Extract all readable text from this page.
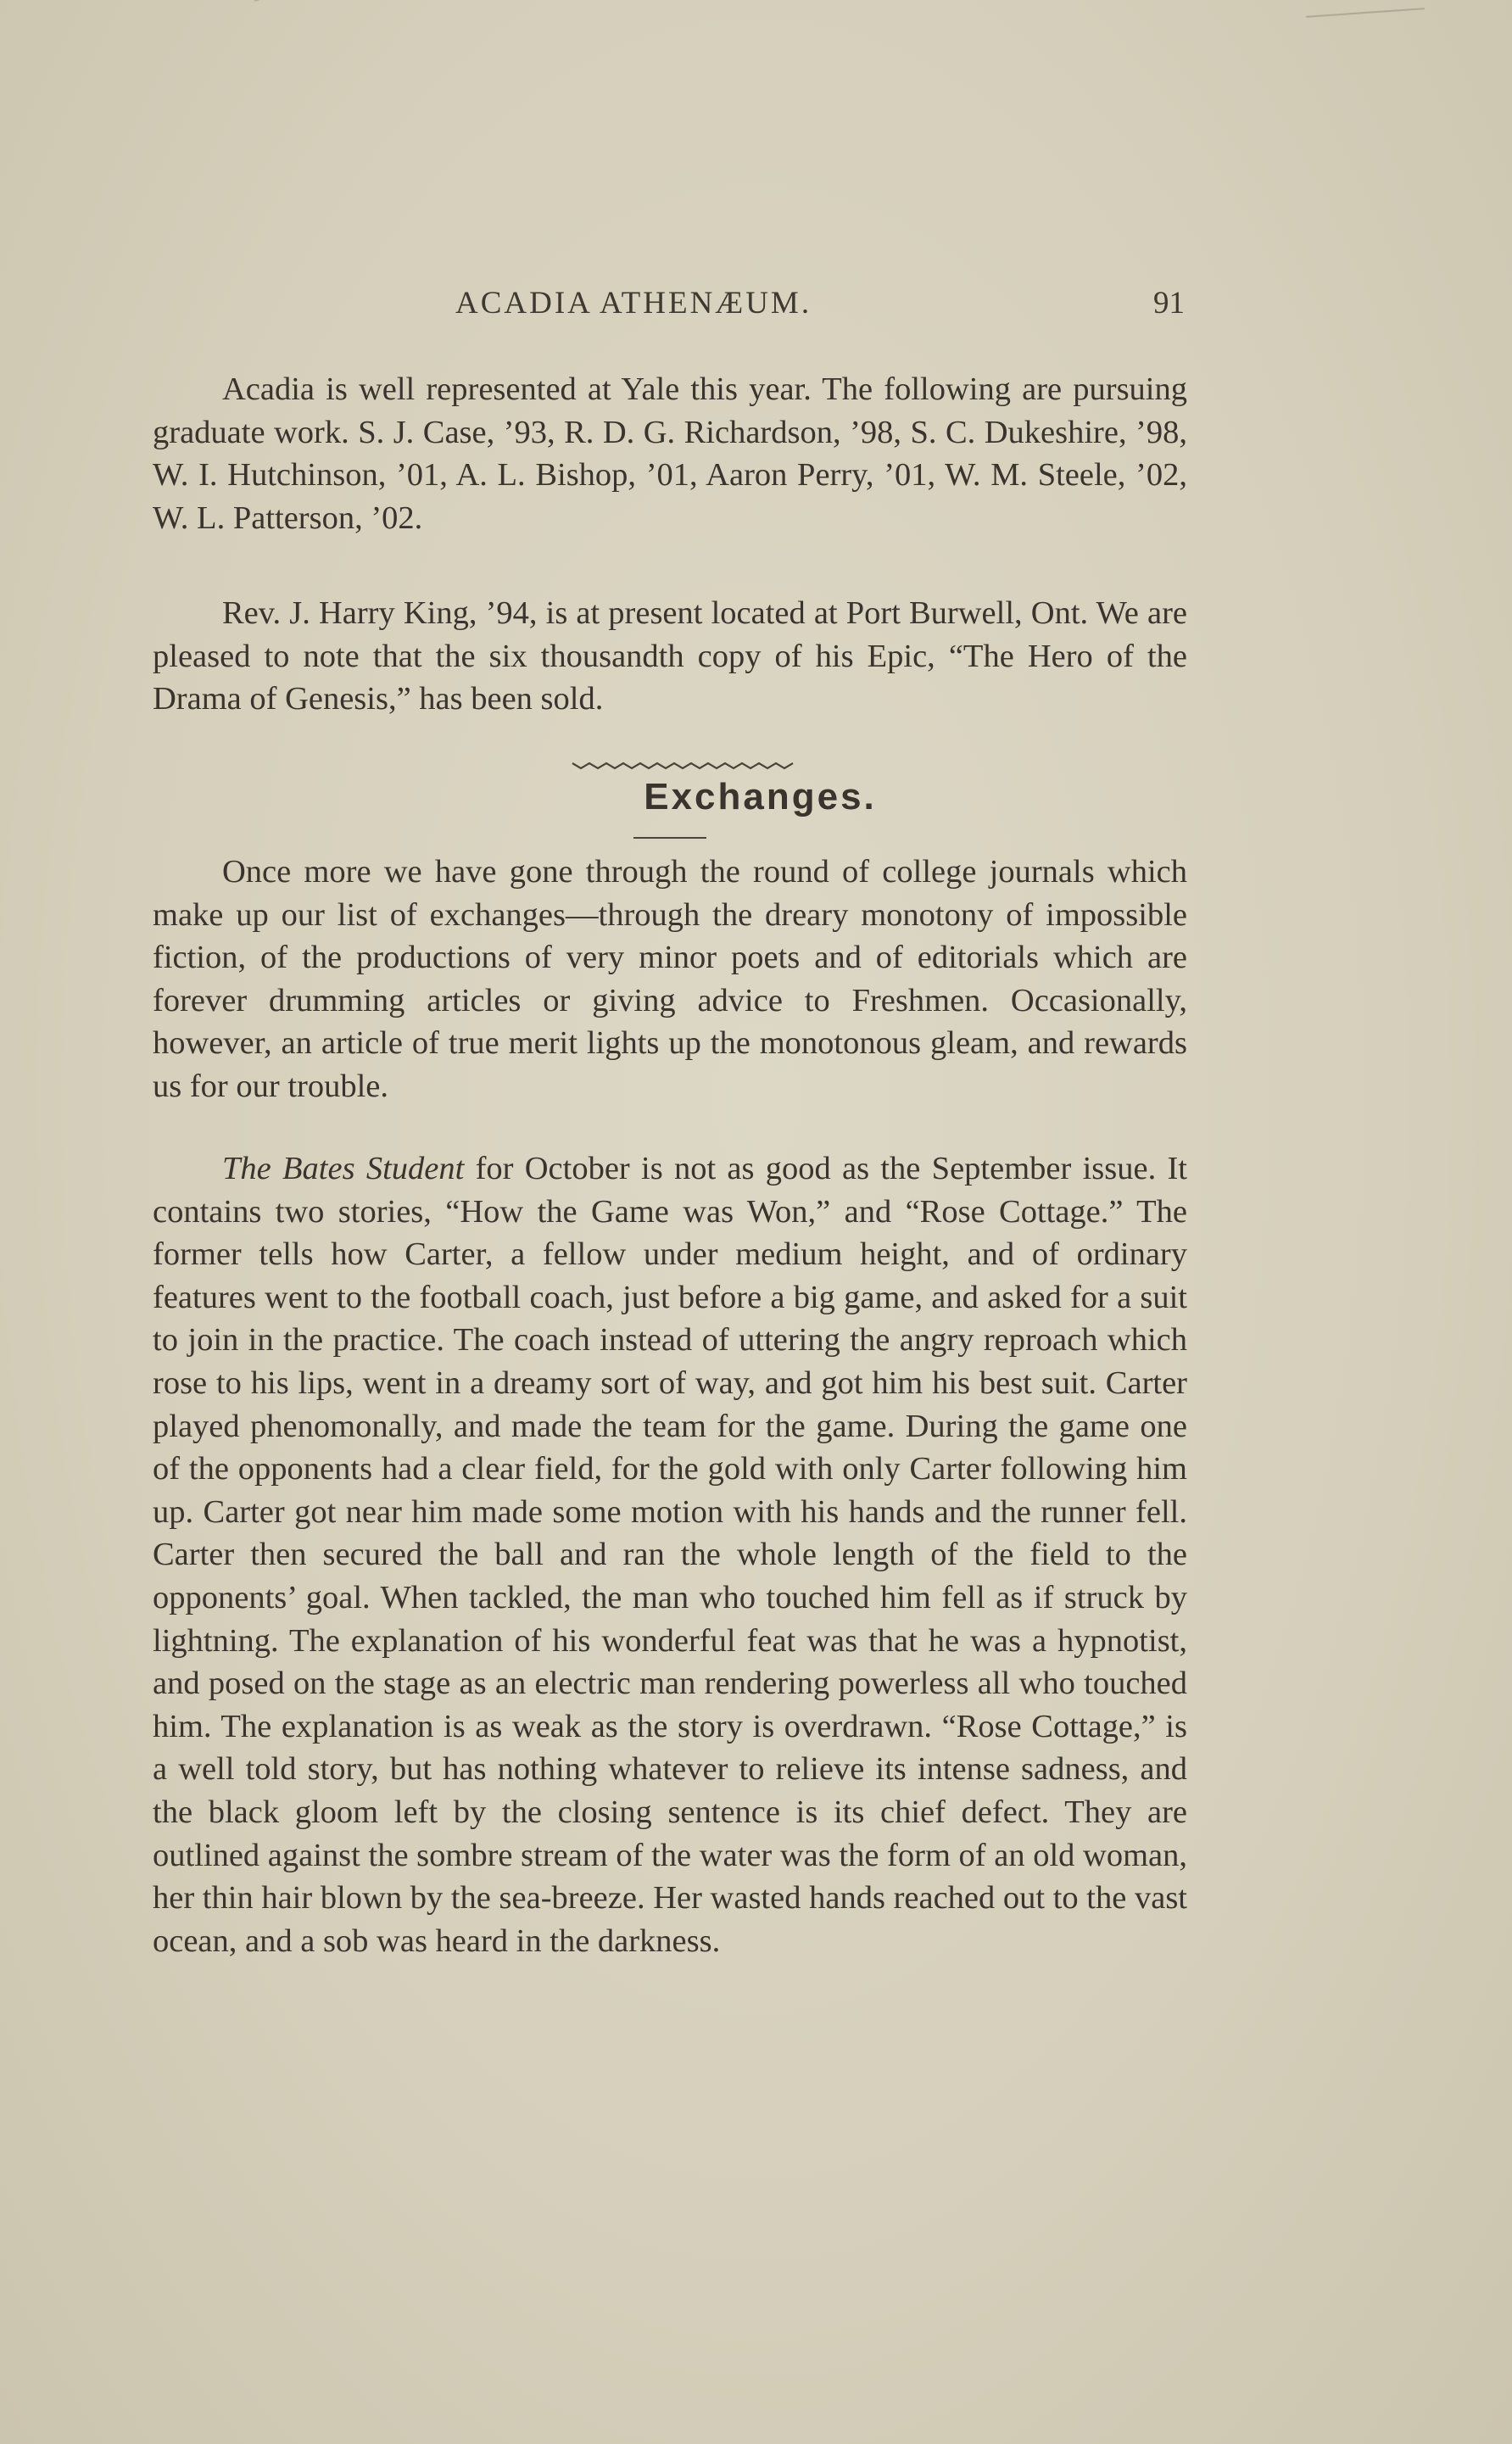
ACADIA ATHENÆUM.	91

Acadia is well represented at Yale this year. The following are pursuing graduate work. S. J. Case, ’93, R. D. G. Richardson, ’98, S. C. Dukeshire, ’98, W. I. Hutchinson, ’01, A. L. Bishop, ’01, Aaron Perry, ’01, W. M. Steele, ’02, W. L. Patterson, ’02.

Rev. J. Harry King, ’94, is at present located at Port Burwell, Ont. We are pleased to note that the six thousandth copy of his Epic, “The Hero of the Drama of Genesis,” has been sold.

Exchanges.

Once more we have gone through the round of college journals which make up our list of exchanges—through the dreary monotony of impossible fiction, of the productions of very minor poets and of editorials which are forever drumming articles or giving advice to Freshmen. Occasionally, however, an article of true merit lights up the monotonous gleam, and rewards us for our trouble.

The Bates Student for October is not as good as the September issue. It contains two stories, “How the Game was Won,” and “Rose Cottage.” The former tells how Carter, a fellow under medium height, and of ordinary features went to the football coach, just before a big game, and asked for a suit to join in the practice. The coach instead of uttering the angry reproach which rose to his lips, went in a dreamy sort of way, and got him his best suit. Carter played phenomonally, and made the team for the game. During the game one of the opponents had a clear field, for the gold with only Carter following him up. Carter got near him made some motion with his hands and the runner fell. Carter then secured the ball and ran the whole length of the field to the opponents’ goal. When tackled, the man who touched him fell as if struck by lightning. The explanation of his wonderful feat was that he was a hypnotist, and posed on the stage as an electric man rendering powerless all who touched him. The explanation is as weak as the story is overdrawn. “Rose Cottage,” is a well told story, but has nothing whatever to relieve its intense sadness, and the black gloom left by the closing sentence is its chief defect. They are outlined against the sombre stream of the water was the form of an old woman, her thin hair blown by the sea-breeze. Her wasted hands reached out to the vast ocean, and a sob was heard in the darkness.
